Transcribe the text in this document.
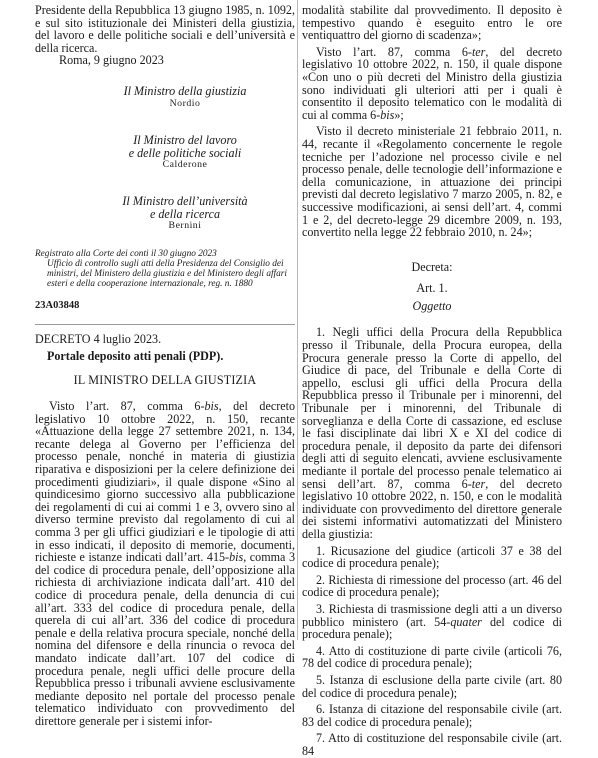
Presidente della Repubblica 13 giugno 1985, n. 1092, e sul sito istituzionale dei Ministeri della giustizia, del lavoro e delle politiche sociali e dell’università e della ricerca.

Roma, 9 giugno 2023

Il Ministro della giustizia
Nordio
Il Ministro del lavoro
e delle politiche sociali
Calderone
Il Ministro dell’università
e della ricerca
Bernini
Registrato alla Corte dei conti il 30 giugno 2023
Ufficio di controllo sugli atti della Presidenza del Consiglio dei ministri, del Ministero della giustizia e del Ministero degli affari esteri e della cooperazione internazionale, reg. n. 1880
23A03848

DECRETO 4 luglio 2023.

Portale deposito atti penali (PDP).

IL MINISTRO DELLA GIUSTIZIA

Visto l’art. 87, comma 6-bis, del decreto legislativo 10 ottobre 2022, n. 150, recante «Attuazione della legge 27 settembre 2021, n. 134, recante delega al Governo per l’efficienza del processo penale, nonché in materia di giustizia riparativa e disposizioni per la celere definizione dei procedimenti giudiziari», il quale dispone «Sino al quindicesimo giorno successivo alla pubblicazione dei regolamenti di cui ai commi 1 e 3, ovvero sino al diverso termine previsto dal regolamento di cui al comma 3 per gli uffici giudiziari e le tipologie di atti in esso indicati, il deposito di memorie, documenti, richieste e istanze indicati dall’art. 415-bis, comma 3 del codice di procedura penale, dell’opposizione alla richiesta di archiviazione indicata dall’art. 410 del codice di procedura penale, della denuncia di cui all’art. 333 del codice di procedura penale, della querela di cui all’art. 336 del codice di procedura penale e della relativa procura speciale, nonché della nomina del difensore e della rinuncia o revoca del mandato indicate dall’art. 107 del codice di procedura penale, negli uffici delle procure della Repubblica presso i tribunali avviene esclusivamente mediante deposito nel portale del processo penale telematico individuato con provvedimento del direttore generale per i sistemi infor-

modalità stabilite dal provvedimento. Il deposito è tempestivo quando è eseguito entro le ore ventiquattro del giorno di scadenza»;

Visto l’art. 87, comma 6-ter, del decreto legislativo 10 ottobre 2022, n. 150, il quale dispone «Con uno o più decreti del Ministro della giustizia sono individuati gli ulteriori atti per i quali è consentito il deposito telematico con le modalità di cui al comma 6-bis»;

Visto il decreto ministeriale 21 febbraio 2011, n. 44, recante il «Regolamento concernente le regole tecniche per l’adozione nel processo civile e nel processo penale, delle tecnologie dell’informazione e della comunicazione, in attuazione dei principi previsti dal decreto legislativo 7 marzo 2005, n. 82, e successive modificazioni, ai sensi dell’art. 4, commi 1 e 2, del decreto-legge 29 dicembre 2009, n. 193, convertito nella legge 22 febbraio 2010, n. 24»;

Decreta:

Art. 1.

Oggetto

1. Negli uffici della Procura della Repubblica presso il Tribunale, della Procura europea, della Procura generale presso la Corte di appello, del Giudice di pace, del Tribunale e della Corte di appello, esclusi gli uffici della Procura della Repubblica presso il Tribunale per i minorenni, del Tribunale per i minorenni, del Tribunale di sorveglianza e della Corte di cassazione, ed escluse le fasi disciplinate dai libri X e XI del codice di procedura penale, il deposito da parte dei difensori degli atti di seguito elencati, avviene esclusivamente mediante il portale del processo penale telematico ai sensi dell’art. 87, comma 6-ter, del decreto legislativo 10 ottobre 2022, n. 150, e con le modalità individuate con provvedimento del direttore generale dei sistemi informativi automatizzati del Ministero della giustizia:

1. Ricusazione del giudice (articoli 37 e 38 del codice di procedura penale);
2. Richiesta di rimessione del processo (art. 46 del codice di procedura penale);
3. Richiesta di trasmissione degli atti a un diverso pubblico ministero (art. 54-quater del codice di procedura penale);
4. Atto di costituzione di parte civile (articoli 76, 78 del codice di procedura penale);
5. Istanza di esclusione della parte civile (art. 80 del codice di procedura penale);
6. Istanza di citazione del responsabile civile (art. 83 del codice di procedura penale);
7. Atto di costituzione del responsabile civile (art. 84
